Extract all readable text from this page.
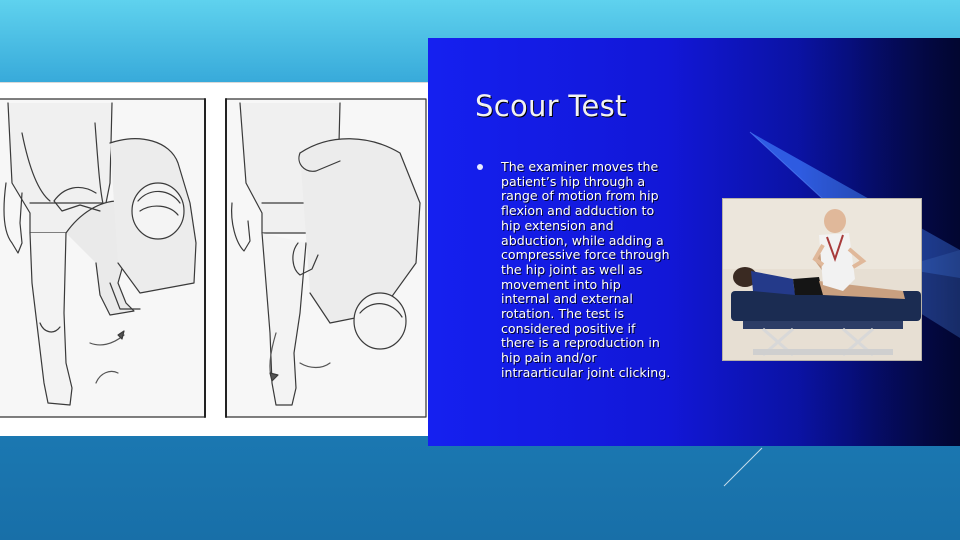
Scour Test
The examiner moves the
patient’s hip through a
range of motion from hip
flexion and adduction to
hip extension and
abduction, while adding a
compressive force through
the hip joint as well as
movement into hip
internal and external
rotation. The test is
considered positive if
there is a reproduction in
hip pain and/or
intraarticular joint clicking.
